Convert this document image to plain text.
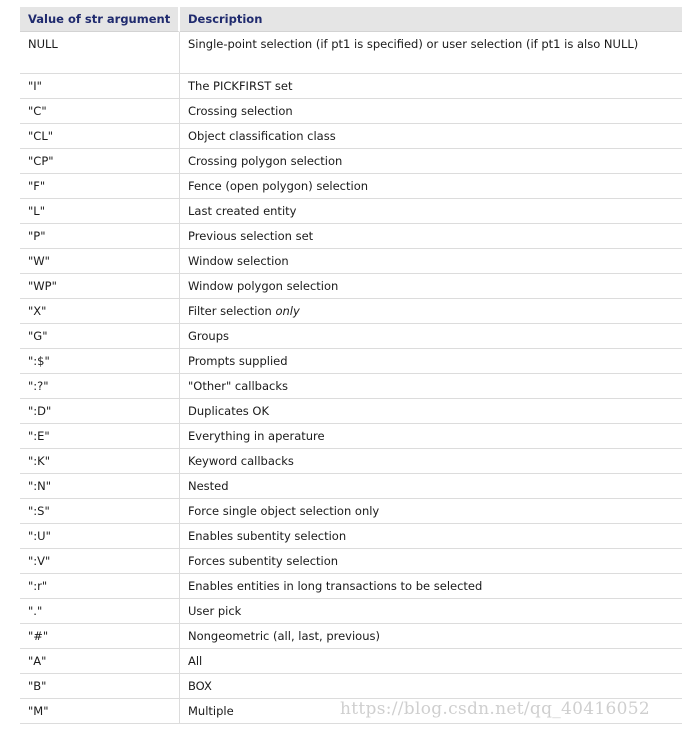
Value of str argument	Description
NULL	Single-point selection (if pt1 is specified) or user selection (if pt1 is also NULL)
"I"	The PICKFIRST set
"C"	Crossing selection
"CL"	Object classification class
"CP"	Crossing polygon selection
"F"	Fence (open polygon) selection
"L"	Last created entity
"P"	Previous selection set
"W"	Window selection
"WP"	Window polygon selection
"X"	Filter selection only
"G"	Groups
":$"	Prompts supplied
":?"	"Other" callbacks
":D"	Duplicates OK
":E"	Everything in aperature
":K"	Keyword callbacks
":N"	Nested
":S"	Force single object selection only
":U"	Enables subentity selection
":V"	Forces subentity selection
":r"	Enables entities in long transactions to be selected
"."	User pick
"#"	Nongeometric (all, last, previous)
"A"	All
"B"	BOX
"M"	Multiple	https://blog.csdn.net/qq_40416052
